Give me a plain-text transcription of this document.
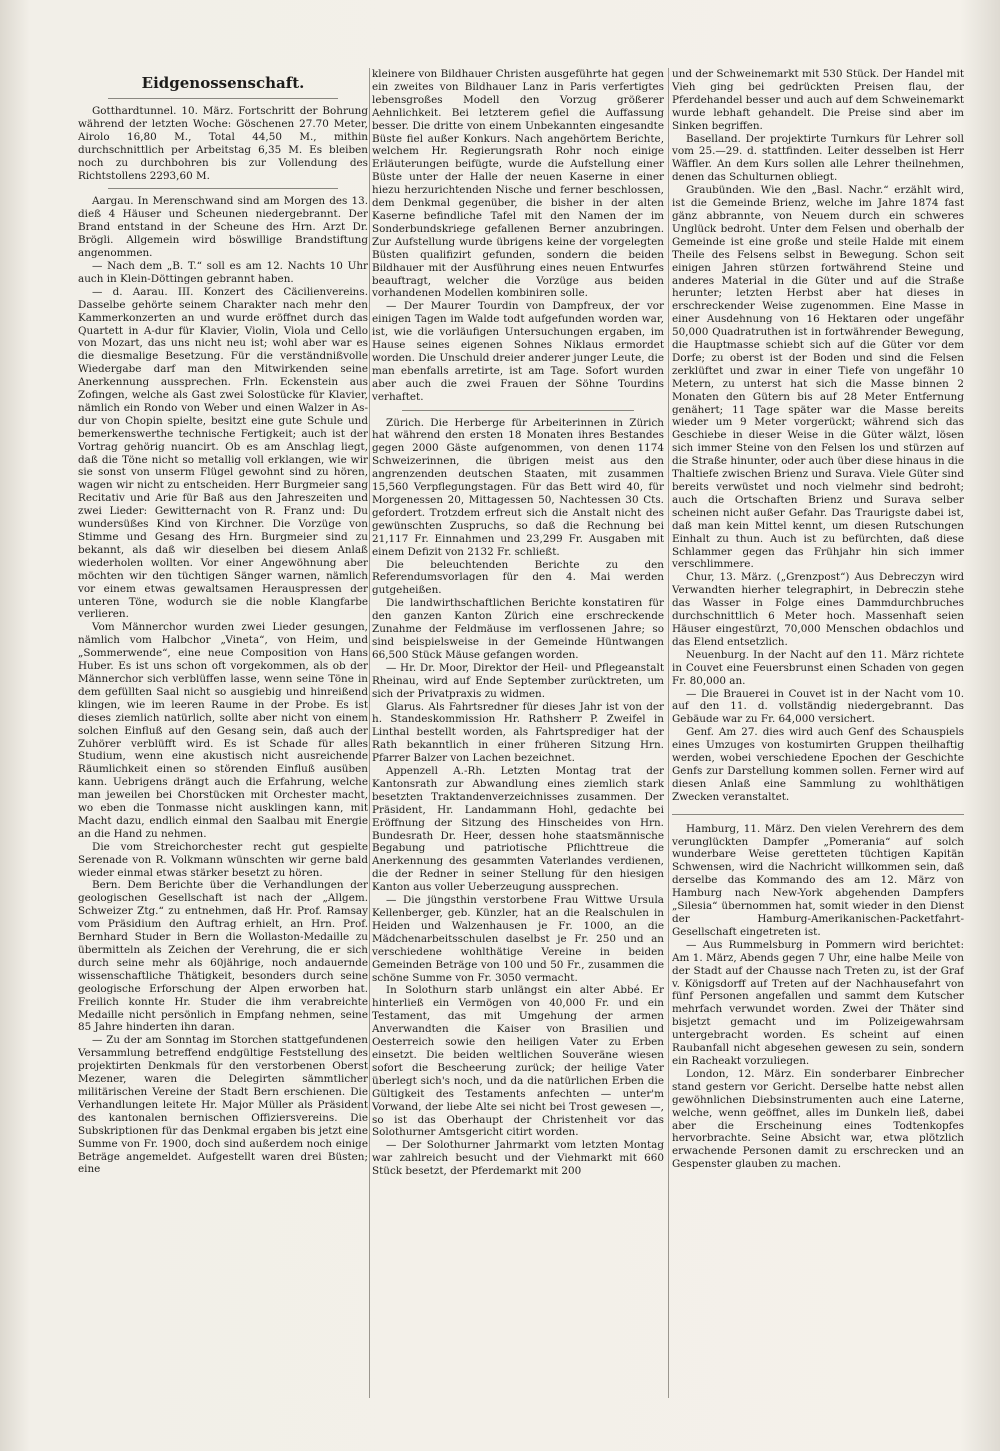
Eidgenossenschaft.

Gotthardtunnel. 10. März. Fortschritt der Bohrung während der letzten Woche: Göschenen 27.70 Meter, Airolo 16,80 M., Total 44,50 M., mithin durchschnittlich per Arbeitstag 6,35 M. Es bleiben noch zu durchbohren bis zur Vollendung des Richtstollens 2293,60 M.

Aargau. In Merenschwand sind am Morgen des 13. dieß 4 Häuser und Scheunen niedergebrannt. Der Brand entstand in der Scheune des Hrn. Arzt Dr. Brögli. Allgemein wird böswillige Brandstiftung angenommen.

— Nach dem „B. T.“ soll es am 12. Nachts 10 Uhr auch in Klein-Döttingen gebrannt haben.

— d. Aarau. III. Konzert des Cäcilienvereins. Dasselbe gehörte seinem Charakter nach mehr den Kammerkonzerten an und wurde eröffnet durch das Quartett in A-dur für Klavier, Violin, Viola und Cello von Mozart, das uns nicht neu ist; wohl aber war es die diesmalige Besetzung. Für die verständnißvolle Wiedergabe darf man den Mitwirkenden seine Anerkennung aussprechen. Frln. Eckenstein aus Zofingen, welche als Gast zwei Solostücke für Klavier, nämlich ein Rondo von Weber und einen Walzer in As-dur von Chopin spielte, besitzt eine gute Schule und bemerkenswerthe technische Fertigkeit; auch ist der Vortrag gehörig nuancirt. Ob es am Anschlag liegt, daß die Töne nicht so metallig voll erklangen, wie wir sie sonst von unserm Flügel gewohnt sind zu hören, wagen wir nicht zu entscheiden. Herr Burgmeier sang Recitativ und Arie für Baß aus den Jahreszeiten und zwei Lieder: Gewitternacht von R. Franz und: Du wundersüßes Kind von Kirchner. Die Vorzüge von Stimme und Gesang des Hrn. Burgmeier sind zu bekannt, als daß wir dieselben bei diesem Anlaß wiederholen wollten. Vor einer Angewöhnung aber möchten wir den tüchtigen Sänger warnen, nämlich vor einem etwas gewaltsamen Herauspressen der unteren Töne, wodurch sie die noble Klangfarbe verlieren.

Vom Männerchor wurden zwei Lieder gesungen, nämlich vom Halbchor „Vineta“, von Heim, und „Sommerwende“, eine neue Composition von Hans Huber. Es ist uns schon oft vorgekommen, als ob der Männerchor sich verblüffen lasse, wenn seine Töne in dem gefüllten Saal nicht so ausgiebig und hinreißend klingen, wie im leeren Raume in der Probe. Es ist dieses ziemlich natürlich, sollte aber nicht von einem solchen Einfluß auf den Gesang sein, daß auch der Zuhörer verblüfft wird. Es ist Schade für alles Studium, wenn eine akustisch nicht ausreichende Räumlichkeit einen so störenden Einfluß ausüben kann. Uebrigens drängt auch die Erfahrung, welche man jeweilen bei Chorstücken mit Orchester macht, wo eben die Tonmasse nicht ausklingen kann, mit Macht dazu, endlich einmal den Saalbau mit Energie an die Hand zu nehmen.

Die vom Streichorchester recht gut gespielte Serenade von R. Volkmann wünschten wir gerne bald wieder einmal etwas stärker besetzt zu hören.

Bern. Dem Berichte über die Verhandlungen der geologischen Gesellschaft ist nach der „Allgem. Schweizer Ztg.“ zu entnehmen, daß Hr. Prof. Ramsay vom Präsidium den Auftrag erhielt, an Hrn. Prof. Bernhard Studer in Bern die Wollaston-Medaille zu übermitteln als Zeichen der Verehrung, die er sich durch seine mehr als 60jährige, noch andauernde wissenschaftliche Thätigkeit, besonders durch seine geologische Erforschung der Alpen erworben hat. Freilich konnte Hr. Studer die ihm verabreichte Medaille nicht persönlich in Empfang nehmen, seine 85 Jahre hinderten ihn daran.

— Zu der am Sonntag im Storchen stattgefundenen Versammlung betreffend endgültige Feststellung des projektirten Denkmals für den verstorbenen Oberst Mezener, waren die Delegirten sämmtlicher militärischen Vereine der Stadt Bern erschienen. Die Verhandlungen leitete Hr. Major Müller als Präsident des kantonalen bernischen Offiziersvereins. Die Subskriptionen für das Denkmal ergaben bis jetzt eine Summe von Fr. 1900, doch sind außerdem noch einige Beträge angemeldet. Aufgestellt waren drei Büsten; eine

kleinere von Bildhauer Christen ausgeführte hat gegen ein zweites von Bildhauer Lanz in Paris verfertigtes lebensgroßes Modell den Vorzug größerer Aehnlichkeit. Bei letzterem gefiel die Auffassung besser. Die dritte von einem Unbekannten eingesandte Büste fiel außer Konkurs. Nach angehörtem Berichte, welchem Hr. Regierungsrath Rohr noch einige Erläuterungen beifügte, wurde die Aufstellung einer Büste unter der Halle der neuen Kaserne in einer hiezu herzurichtenden Nische und ferner beschlossen, dem Denkmal gegenüber, die bisher in der alten Kaserne befindliche Tafel mit den Namen der im Sonderbundskriege gefallenen Berner anzubringen. Zur Aufstellung wurde übrigens keine der vorgelegten Büsten qualifizirt gefunden, sondern die beiden Bildhauer mit der Ausführung eines neuen Entwurfes beauftragt, welcher die Vorzüge aus beiden vorhandenen Modellen kombiniren solle.

— Der Maurer Tourdin von Dampfreux, der vor einigen Tagen im Walde todt aufgefunden worden war, ist, wie die vorläufigen Untersuchungen ergaben, im Hause seines eigenen Sohnes Niklaus ermordet worden. Die Unschuld dreier anderer junger Leute, die man ebenfalls arretirte, ist am Tage. Sofort wurden aber auch die zwei Frauen der Söhne Tourdins verhaftet.

Zürich. Die Herberge für Arbeiterinnen in Zürich hat während den ersten 18 Monaten ihres Bestandes gegen 2000 Gäste aufgenommen, von denen 1174 Schweizerinnen, die übrigen meist aus den angrenzenden deutschen Staaten, mit zusammen 15,560 Verpflegungstagen. Für das Bett wird 40, für Morgenessen 20, Mittagessen 50, Nachtessen 30 Cts. gefordert. Trotzdem erfreut sich die Anstalt nicht des gewünschten Zuspruchs, so daß die Rechnung bei 21,117 Fr. Einnahmen und 23,299 Fr. Ausgaben mit einem Defizit von 2132 Fr. schließt.

Die beleuchtenden Berichte zu den Referendumsvorlagen für den 4. Mai werden gutgeheißen.

Die landwirthschaftlichen Berichte konstatiren für den ganzen Kanton Zürich eine erschreckende Zunahme der Feldmäuse im verflossenen Jahre; so sind beispielsweise in der Gemeinde Hüntwangen 66,500 Stück Mäuse gefangen worden.

— Hr. Dr. Moor, Direktor der Heil- und Pflegeanstalt Rheinau, wird auf Ende September zurücktreten, um sich der Privatpraxis zu widmen.

Glarus. Als Fahrtsredner für dieses Jahr ist von der h. Standeskommission Hr. Rathsherr P. Zweifel in Linthal bestellt worden, als Fahrtsprediger hat der Rath bekanntlich in einer früheren Sitzung Hrn. Pfarrer Balzer von Lachen bezeichnet.

Appenzell A.-Rh. Letzten Montag trat der Kantonsrath zur Abwandlung eines ziemlich stark besetzten Traktandenverzeichnisses zusammen. Der Präsident, Hr. Landammann Hohl, gedachte bei Eröffnung der Sitzung des Hinscheides von Hrn. Bundesrath Dr. Heer, dessen hohe staatsmännische Begabung und patriotische Pflichttreue die Anerkennung des gesammten Vaterlandes verdienen, die der Redner in seiner Stellung für den hiesigen Kanton aus voller Ueberzeugung aussprechen.

— Die jüngsthin verstorbene Frau Wittwe Ursula Kellenberger, geb. Künzler, hat an die Realschulen in Heiden und Walzenhausen je Fr. 1000, an die Mädchenarbeitsschulen daselbst je Fr. 250 und an verschiedene wohlthätige Vereine in beiden Gemeinden Beträge von 100 und 50 Fr., zusammen die schöne Summe von Fr. 3050 vermacht.

In Solothurn starb unlängst ein alter Abbé. Er hinterließ ein Vermögen von 40,000 Fr. und ein Testament, das mit Umgehung der armen Anverwandten die Kaiser von Brasilien und Oesterreich sowie den heiligen Vater zu Erben einsetzt. Die beiden weltlichen Souveräne wiesen sofort die Bescheerung zurück; der heilige Vater überlegt sich's noch, und da die natürlichen Erben die Gültigkeit des Testaments anfechten — unter'm Vorwand, der liebe Alte sei nicht bei Trost gewesen —, so ist das Oberhaupt der Christenheit vor das Solothurner Amtsgericht citirt worden.

— Der Solothurner Jahrmarkt vom letzten Montag war zahlreich besucht und der Viehmarkt mit 660 Stück besetzt, der Pferdemarkt mit 200

und der Schweinemarkt mit 530 Stück. Der Handel mit Vieh ging bei gedrückten Preisen flau, der Pferdehandel besser und auch auf dem Schweinemarkt wurde lebhaft gehandelt. Die Preise sind aber im Sinken begriffen.

Baselland. Der projektirte Turnkurs für Lehrer soll vom 25.—29. d. stattfinden. Leiter desselben ist Herr Wäffler. An dem Kurs sollen alle Lehrer theilnehmen, denen das Schulturnen obliegt.

Graubünden. Wie den „Basl. Nachr.“ erzählt wird, ist die Gemeinde Brienz, welche im Jahre 1874 fast gänz abbrannte, von Neuem durch ein schweres Unglück bedroht. Unter dem Felsen und oberhalb der Gemeinde ist eine große und steile Halde mit einem Theile des Felsens selbst in Bewegung. Schon seit einigen Jahren stürzen fortwährend Steine und anderes Material in die Güter und auf die Straße herunter; letzten Herbst aber hat dieses in erschreckender Weise zugenommen. Eine Masse in einer Ausdehnung von 16 Hektaren oder ungefähr 50,000 Quadratruthen ist in fortwährender Bewegung, die Hauptmasse schiebt sich auf die Güter vor dem Dorfe; zu oberst ist der Boden und sind die Felsen zerklüftet und zwar in einer Tiefe von ungefähr 10 Metern, zu unterst hat sich die Masse binnen 2 Monaten den Gütern bis auf 28 Meter Entfernung genähert; 11 Tage später war die Masse bereits wieder um 9 Meter vorgerückt; während sich das Geschiebe in dieser Weise in die Güter wälzt, lösen sich immer Steine von den Felsen los und stürzen auf die Straße hinunter, oder auch über diese hinaus in die Thaltiefe zwischen Brienz und Surava. Viele Güter sind bereits verwüstet und noch vielmehr sind bedroht; auch die Ortschaften Brienz und Surava selber scheinen nicht außer Gefahr. Das Traurigste dabei ist, daß man kein Mittel kennt, um diesen Rutschungen Einhalt zu thun. Auch ist zu befürchten, daß diese Schlammer gegen das Frühjahr hin sich immer verschlimmere.

Chur, 13. März. („Grenzpost“) Aus Debreczyn wird Verwandten hierher telegraphirt, in Debreczin stehe das Wasser in Folge eines Dammdurchbruches durchschnittlich 6 Meter hoch. Massenhaft seien Häuser eingestürzt, 70,000 Menschen obdachlos und das Elend entsetzlich.

Neuenburg. In der Nacht auf den 11. März richtete in Couvet eine Feuersbrunst einen Schaden von gegen Fr. 80,000 an.

— Die Brauerei in Couvet ist in der Nacht vom 10. auf den 11. d. vollständig niedergebrannt. Das Gebäude war zu Fr. 64,000 versichert.

Genf. Am 27. dies wird auch Genf des Schauspiels eines Umzuges von kostumirten Gruppen theilhaftig werden, wobei verschiedene Epochen der Geschichte Genfs zur Darstellung kommen sollen. Ferner wird auf diesen Anlaß eine Sammlung zu wohlthätigen Zwecken veranstaltet.

Hamburg, 11. März. Den vielen Verehrern des dem verunglückten Dampfer „Pomerania“ auf solch wunderbare Weise geretteten tüchtigen Kapitän Schwensen, wird die Nachricht willkommen sein, daß derselbe das Kommando des am 12. März von Hamburg nach New-York abgehenden Dampfers „Silesia“ übernommen hat, somit wieder in den Dienst der Hamburg-Amerikanischen-Packetfahrt-Gesellschaft eingetreten ist.

— Aus Rummelsburg in Pommern wird berichtet: Am 1. März, Abends gegen 7 Uhr, eine halbe Meile von der Stadt auf der Chausse nach Treten zu, ist der Graf v. Königsdorff auf Treten auf der Nachhausefahrt von fünf Personen angefallen und sammt dem Kutscher mehrfach verwundet worden. Zwei der Thäter sind bisjetzt gemacht und im Polizeigewahrsam untergebracht worden. Es scheint auf einen Raubanfall nicht abgesehen gewesen zu sein, sondern ein Racheakt vorzuliegen.

London, 12. März. Ein sonderbarer Einbrecher stand gestern vor Gericht. Derselbe hatte nebst allen gewöhnlichen Diebsinstrumenten auch eine Laterne, welche, wenn geöffnet, alles im Dunkeln ließ, dabei aber die Erscheinung eines Todtenkopfes hervorbrachte. Seine Absicht war, etwa plötzlich erwachende Personen damit zu erschrecken und an Gespenster glauben zu machen.
